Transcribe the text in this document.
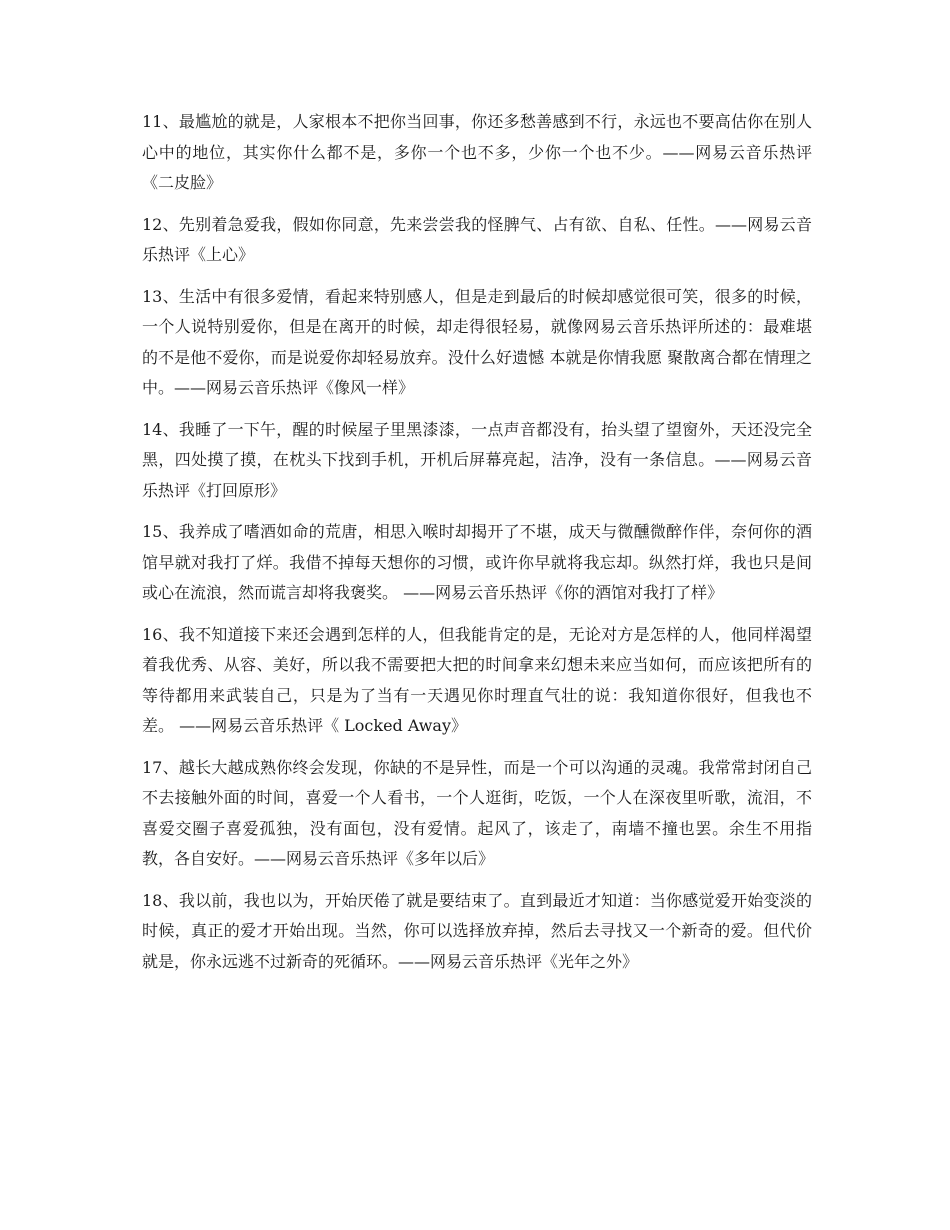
11、最尴尬的就是，人家根本不把你当回事，你还多愁善感到不行，永远也不要高估你在别人心中的地位，其实你什么都不是，多你一个也不多，少你一个也不少。——网易云音乐热评《二皮脸》

12、先别着急爱我，假如你同意，先来尝尝我的怪脾气、占有欲、自私、任性。——网易云音乐热评《上心》

13、生活中有很多爱情，看起来特别感人，但是走到最后的时候却感觉很可笑，很多的时候，一个人说特别爱你，但是在离开的时候，却走得很轻易，就像网易云音乐热评所述的：最难堪的不是他不爱你，而是说爱你却轻易放弃。没什么好遗憾 本就是你情我愿 聚散离合都在情理之中。——网易云音乐热评《像风一样》

14、我睡了一下午，醒的时候屋子里黑漆漆，一点声音都没有，抬头望了望窗外，天还没完全黑，四处摸了摸，在枕头下找到手机，开机后屏幕亮起，洁净，没有一条信息。——网易云音乐热评《打回原形》

15、我养成了嗜酒如命的荒唐，相思入喉时却揭开了不堪，成天与微醺微醉作伴，奈何你的酒馆早就对我打了烊。我借不掉每天想你的习惯，或许你早就将我忘却。纵然打烊，我也只是间或心在流浪，然而谎言却将我褒奖。 ——网易云音乐热评《你的酒馆对我打了样》

16、我不知道接下来还会遇到怎样的人，但我能肯定的是，无论对方是怎样的人，他同样渴望着我优秀、从容、美好，所以我不需要把大把的时间拿来幻想未来应当如何，而应该把所有的等待都用来武装自己，只是为了当有一天遇见你时理直气壮的说：我知道你很好，但我也不差。 ——网易云音乐热评《 Locked Away》

17、越长大越成熟你终会发现，你缺的不是异性，而是一个可以沟通的灵魂。我常常封闭自己不去接触外面的时间，喜爱一个人看书，一个人逛街，吃饭，一个人在深夜里听歌，流泪，不喜爱交圈子喜爱孤独，没有面包，没有爱情。起风了，该走了，南墙不撞也罢。余生不用指教，各自安好。——网易云音乐热评《多年以后》

18、我以前，我也以为，开始厌倦了就是要结束了。直到最近才知道：当你感觉爱开始变淡的时候，真正的爱才开始出现。当然，你可以选择放弃掉，然后去寻找又一个新奇的爱。但代价就是，你永远逃不过新奇的死循环。——网易云音乐热评《光年之外》
